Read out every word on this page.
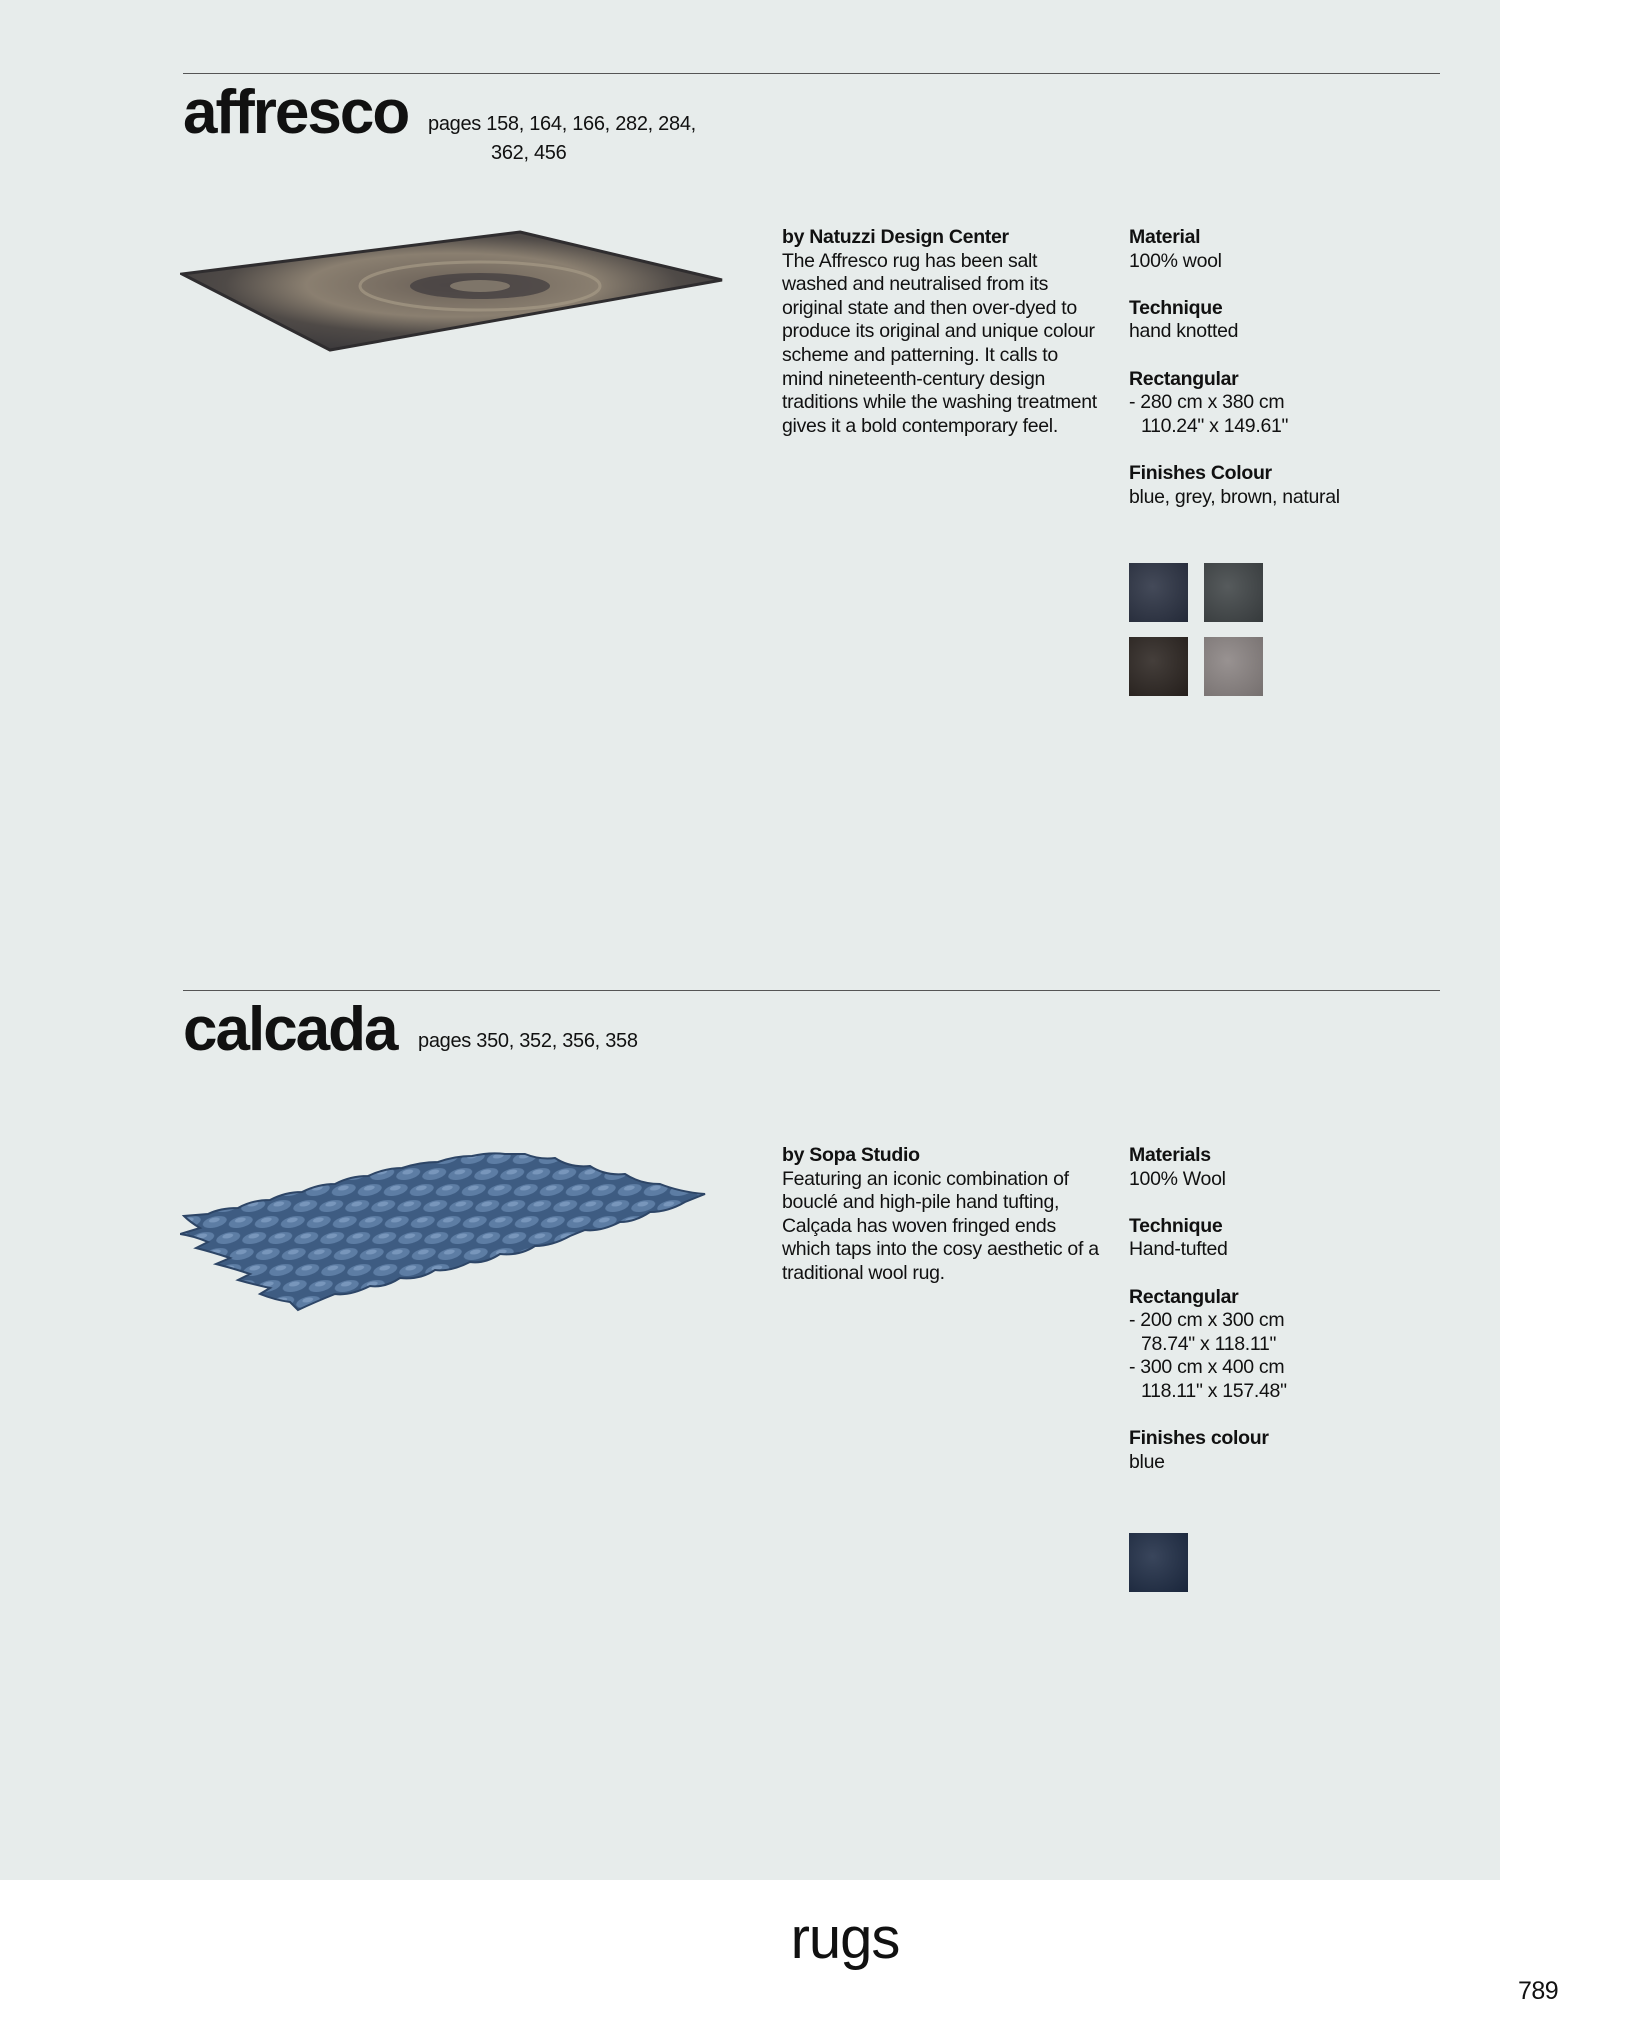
affresco pages 158, 164, 166, 282, 284,
362, 456
by Natuzzi Design Center
The Affresco rug has been salt washed and neutralised from its original state and then over-dyed to produce its original and unique colour scheme and patterning. It calls to mind nineteenth-century design traditions while the washing treatment gives it a bold contemporary feel.
Material
100% wool
Technique
hand knotted
Rectangular
- 280 cm x 380 cm
110.24" x 149.61"
Finishes Colour
blue, grey, brown, natural
calcada pages 350, 352, 356, 358
by Sopa Studio
Featuring an iconic combination of bouclé and high-pile hand tufting, Calçada has woven fringed ends which taps into the cosy aesthetic of a traditional wool rug.
Materials
100% Wool
Technique
Hand-tufted
Rectangular
- 200 cm x 300 cm
78.74" x 118.11"
- 300 cm x 400 cm
118.11" x 157.48"
Finishes colour
blue
rugs
789
